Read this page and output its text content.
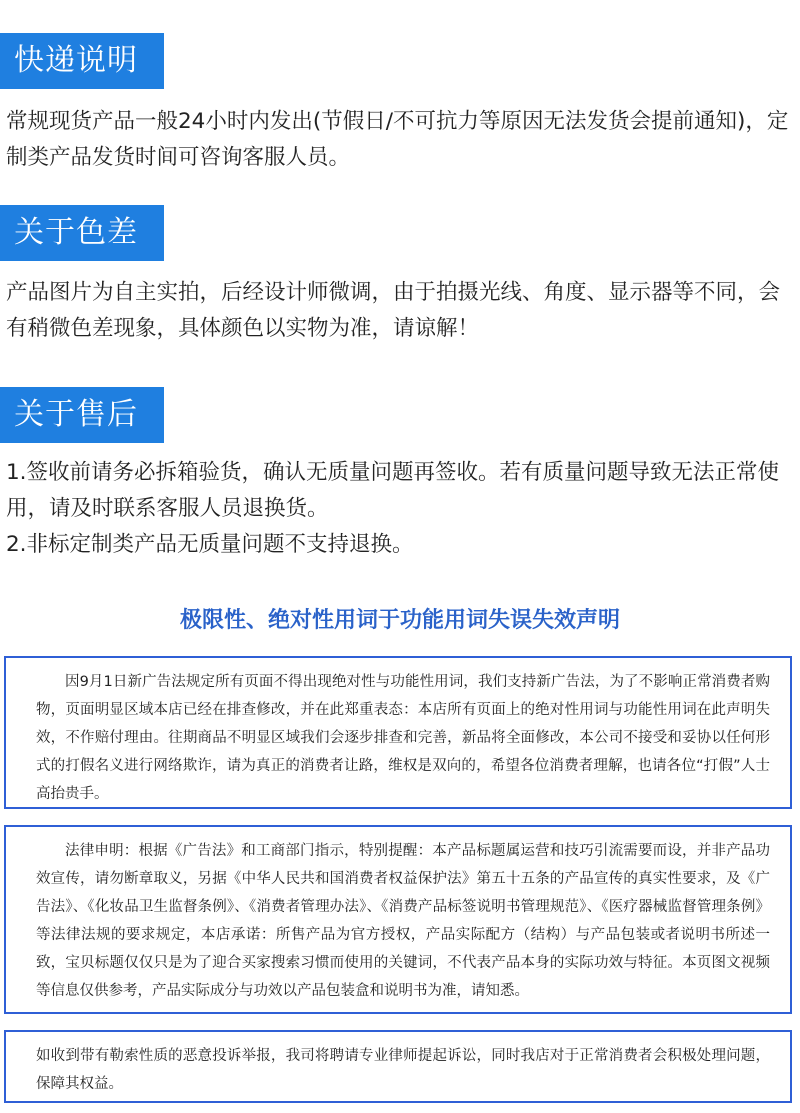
快递说明

常规现货产品一般24小时内发出(节假日/不可抗力等原因无法发货会提前通知)，定制类产品发货时间可咨询客服人员。

关于色差

产品图片为自主实拍，后经设计师微调，由于拍摄光线、角度、显示器等不同，会有稍微色差现象，具体颜色以实物为准，请谅解！

关于售后

1.签收前请务必拆箱验货，确认无质量问题再签收。若有质量问题导致无法正常使用，请及时联系客服人员退换货。

2.非标定制类产品无质量问题不支持退换。

极限性、绝对性用词于功能用词失误失效声明

因9月1日新广告法规定所有页面不得出现绝对性与功能性用词，我们支持新广告法，为了不影响正常消费者购物，页面明显区域本店已经在排查修改，并在此郑重表态：本店所有页面上的绝对性用词与功能性用词在此声明失效，不作赔付理由。往期商品不明显区域我们会逐步排查和完善，新品将全面修改，本公司不接受和妥协以任何形式的打假名义进行网络欺诈，请为真正的消费者让路，维权是双向的，希望各位消费者理解，也请各位“打假”人士高抬贵手。

法律申明：根据《广告法》和工商部门指示，特别提醒：本产品标题属运营和技巧引流需要而设，并非产品功效宣传，请勿断章取义，另据《中华人民共和国消费者权益保护法》第五十五条的产品宣传的真实性要求，及《广告法》、《化妆品卫生监督条例》、《消费者管理办法》、《消费产品标签说明书管理规范》、《医疗器械监督管理条例》等法律法规的要求规定，本店承诺：所售产品为官方授权，产品实际配方（结构）与产品包装或者说明书所述一致，宝贝标题仅仅只是为了迎合买家搜索习惯而使用的关键词，不代表产品本身的实际功效与特征。本页图文视频等信息仅供参考，产品实际成分与功效以产品包装盒和说明书为准，请知悉。

如收到带有勒索性质的恶意投诉举报，我司将聘请专业律师提起诉讼，同时我店对于正常消费者会积极处理问题，保障其权益。
